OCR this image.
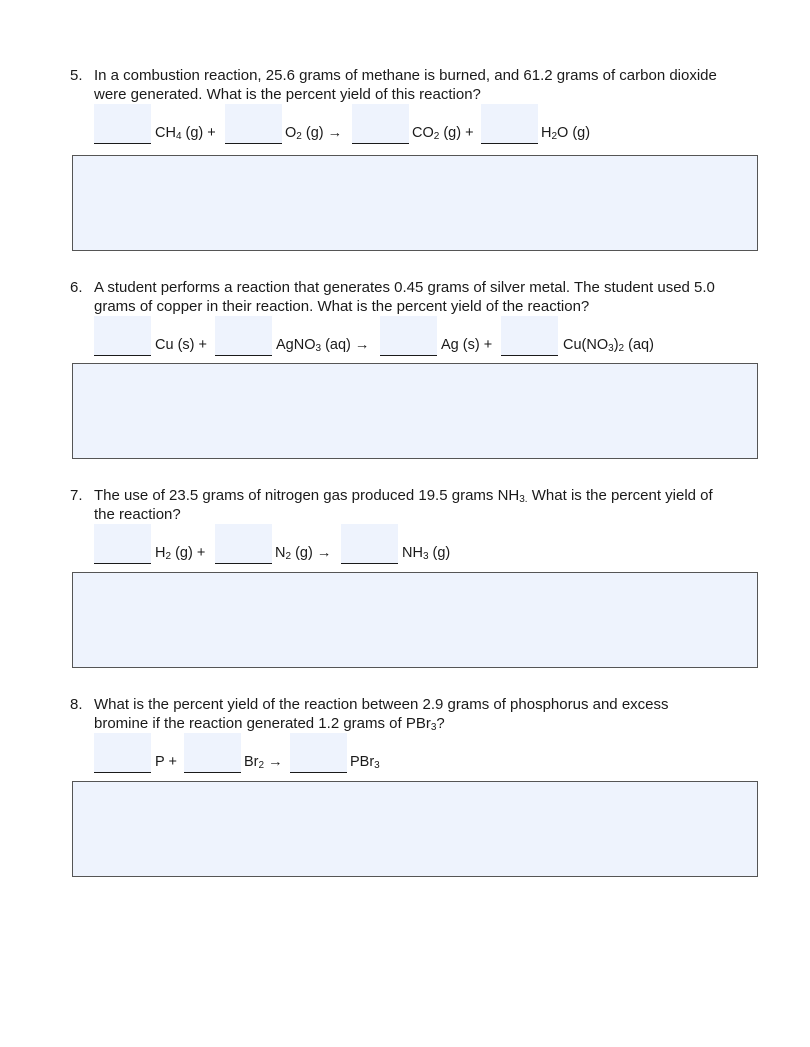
5. In a combustion reaction, 25.6 grams of methane is burned, and 61.2 grams of carbon dioxide
were generated. What is the percent yield of this reaction?
$CH_4$ (g) +	$O_2$ (g) →	$CO_2$ (g) +	$H_2O$ (g)
6. A student performs a reaction that generates 0.45 grams of silver metal. The student used 5.0
grams of copper in their reaction. What is the percent yield of the reaction?
Cu (s) +	AgNO$_3$ (aq) →	Ag (s) +	$Cu(NO_3)_2$ (aq)
7. The use of 23.5 grams of nitrogen gas produced 19.5 grams $NH_{3.}$ What is the percent yield of
the reaction?
$H_2$ (g) +	$N_2$ (g) →	$NH_3$ (g)
8. What is the percent yield of the reaction between 2.9 grams of phosphorus and excess
bromine if the reaction generated 1.2 grams of PBr$_3$?
P +	$Br_2$ →	PBr$_3$
